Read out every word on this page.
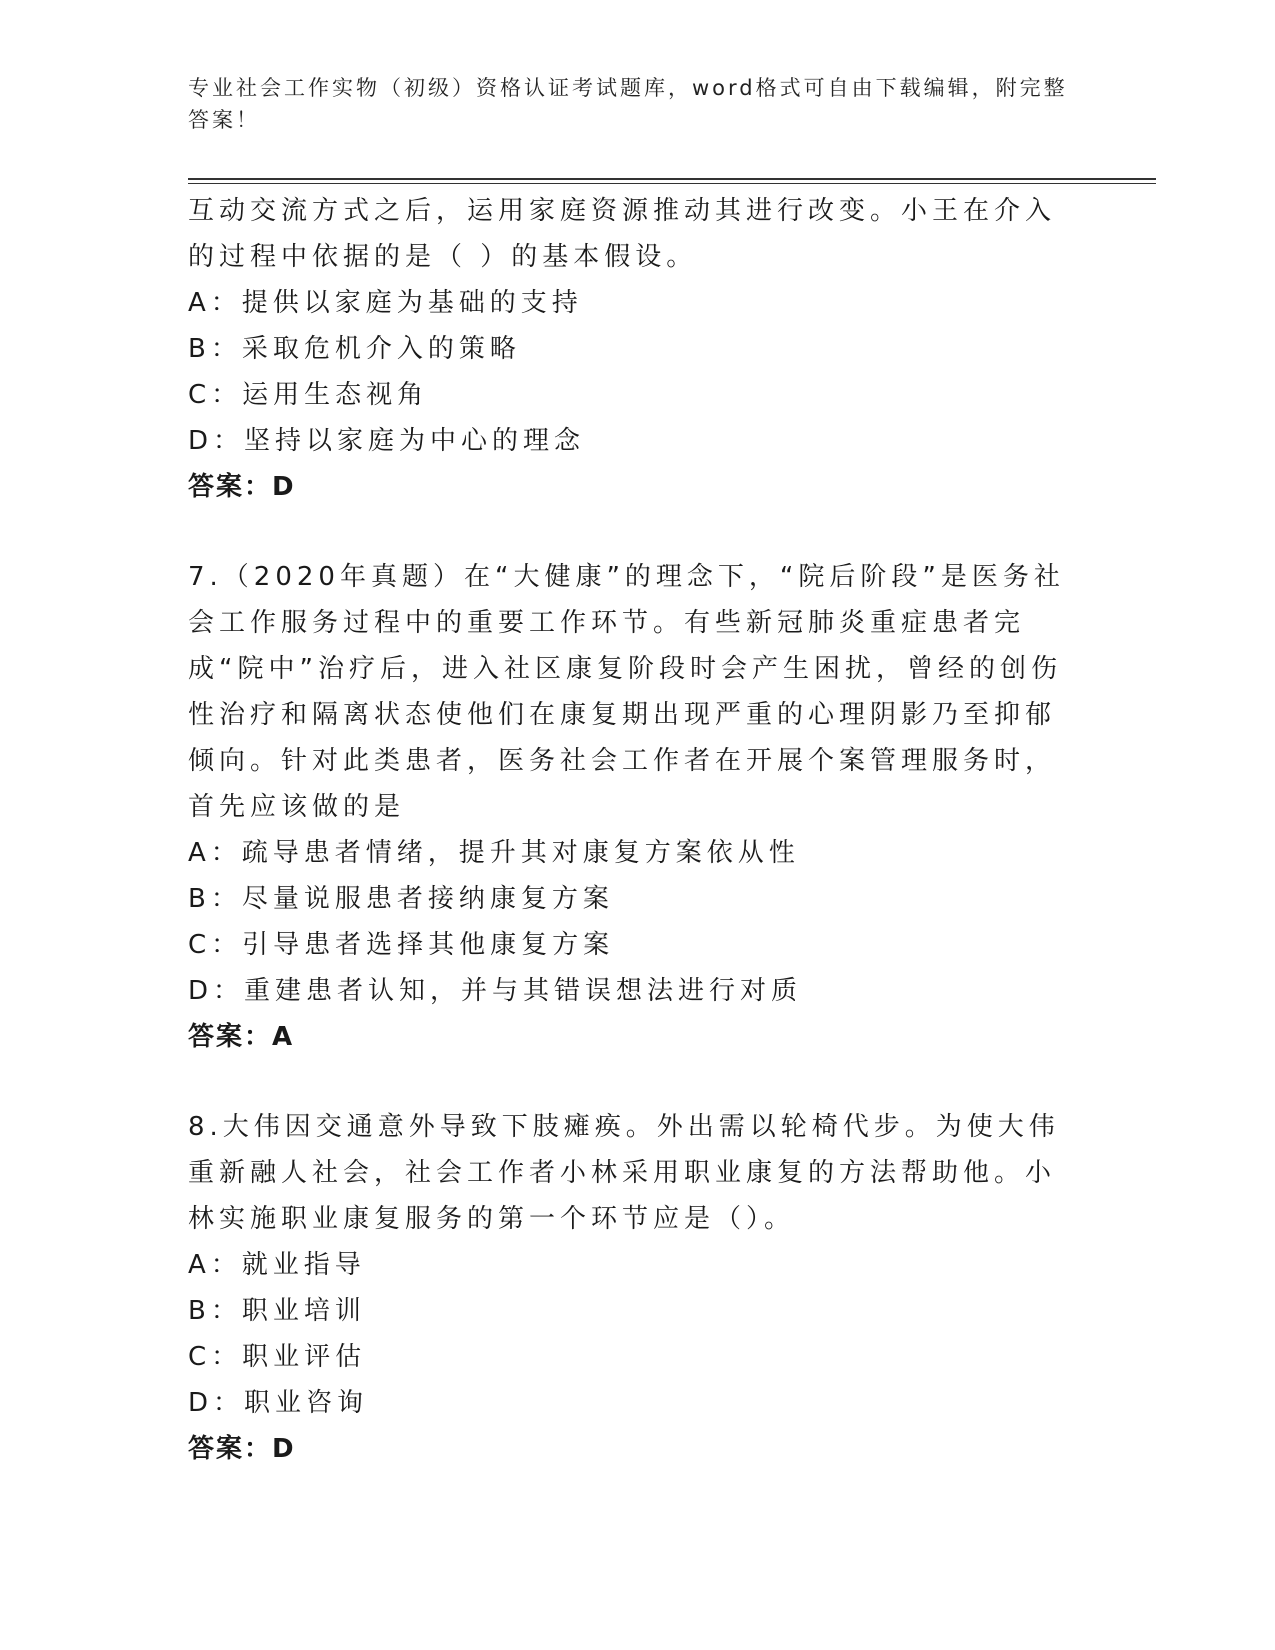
专业社会工作实物（初级）资格认证考试题库，word格式可自由下载编辑，附完整答案！

互动交流方式之后，运用家庭资源推动其进行改变。小王在介入的过程中依据的是（ ）的基本假设。

A：提供以家庭为基础的支持

B：采取危机介入的策略

C：运用生态视角

D：坚持以家庭为中心的理念

答案：D

7.（2020年真题）在“大健康”的理念下，“院后阶段”是医务社会工作服务过程中的重要工作环节。有些新冠肺炎重症患者完成“院中”治疗后，进入社区康复阶段时会产生困扰，曾经的创伤性治疗和隔离状态使他们在康复期出现严重的心理阴影乃至抑郁倾向。针对此类患者，医务社会工作者在开展个案管理服务时，首先应该做的是

A：疏导患者情绪，提升其对康复方案依从性

B：尽量说服患者接纳康复方案

C：引导患者选择其他康复方案

D：重建患者认知，并与其错误想法进行对质

答案：A

8.大伟因交通意外导致下肢瘫痪。外出需以轮椅代步。为使大伟重新融人社会，社会工作者小林采用职业康复的方法帮助他。小林实施职业康复服务的第一个环节应是（）。

A：就业指导

B：职业培训

C：职业评估

D：职业咨询

答案：D
